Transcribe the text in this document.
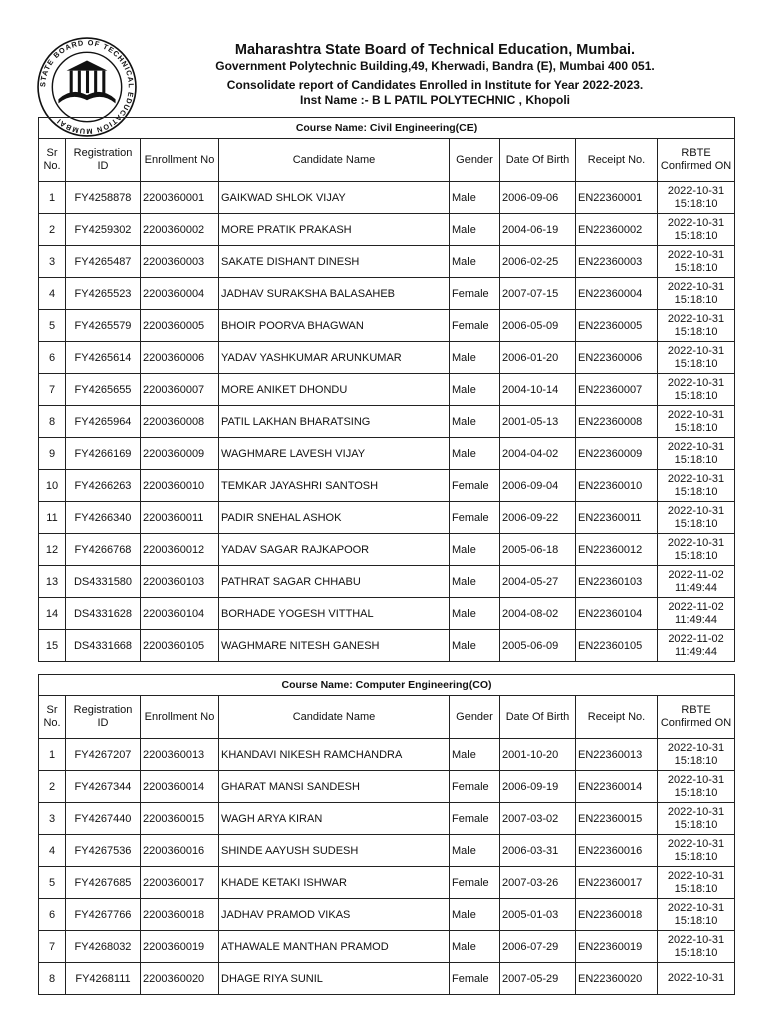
STATE BOARD OF TECHNICAL EDUCATION MUMBAI
Maharashtra State Board of Technical Education, Mumbai.
Government Polytechnic Building,49, Kherwadi, Bandra (E), Mumbai 400 051.
Consolidate report of Candidates Enrolled in Institute for Year 2022-2023.
Inst Name :- B L PATIL POLYTECHNIC , Khopoli
Course Name: Civil Engineering(CE)							
Sr No.	Registration ID	Enrollment No	Candidate Name	Gender	Date Of Birth	Receipt No.	RBTE Confirmed ON
1	FY4258878	2200360001	GAIKWAD SHLOK VIJAY	Male	2006-09-06	EN22360001	2022-10-31
15:18:10

2	FY4259302	2200360002	MORE PRATIK PRAKASH	Male	2004-06-19	EN22360002	2022-10-31
15:18:10

3	FY4265487	2200360003	SAKATE DISHANT DINESH	Male	2006-02-25	EN22360003	2022-10-31
15:18:10

4	FY4265523	2200360004	JADHAV SURAKSHA BALASAHEB	Female	2007-07-15	EN22360004	2022-10-31
15:18:10

5	FY4265579	2200360005	BHOIR POORVA BHAGWAN	Female	2006-05-09	EN22360005	2022-10-31
15:18:10

6	FY4265614	2200360006	YADAV YASHKUMAR ARUNKUMAR	Male	2006-01-20	EN22360006	2022-10-31
15:18:10

7	FY4265655	2200360007	MORE ANIKET DHONDU	Male	2004-10-14	EN22360007	2022-10-31
15:18:10

8	FY4265964	2200360008	PATIL LAKHAN BHARATSING	Male	2001-05-13	EN22360008	2022-10-31
15:18:10

9	FY4266169	2200360009	WAGHMARE LAVESH VIJAY	Male	2004-04-02	EN22360009	2022-10-31
15:18:10

10	FY4266263	2200360010	TEMKAR JAYASHRI SANTOSH	Female	2006-09-04	EN22360010	2022-10-31
15:18:10

11	FY4266340	2200360011	PADIR SNEHAL ASHOK	Female	2006-09-22	EN22360011	2022-10-31
15:18:10

12	FY4266768	2200360012	YADAV SAGAR RAJKAPOOR	Male	2005-06-18	EN22360012	2022-10-31
15:18:10

13	DS4331580	2200360103	PATHRAT SAGAR CHHABU	Male	2004-05-27	EN22360103	2022-11-02
11:49:44

14	DS4331628	2200360104	BORHADE YOGESH VITTHAL	Male	2004-08-02	EN22360104	2022-11-02
11:49:44

15	DS4331668	2200360105	WAGHMARE NITESH GANESH	Male	2005-06-09	EN22360105	2022-11-02
11:49:44
Course Name: Computer Engineering(CO)							
Sr No.	Registration ID	Enrollment No	Candidate Name	Gender	Date Of Birth	Receipt No.	RBTE Confirmed ON
1	FY4267207	2200360013	KHANDAVI NIKESH RAMCHANDRA	Male	2001-10-20	EN22360013	2022-10-31
15:18:10

2	FY4267344	2200360014	GHARAT MANSI SANDESH	Female	2006-09-19	EN22360014	2022-10-31
15:18:10

3	FY4267440	2200360015	WAGH ARYA KIRAN	Female	2007-03-02	EN22360015	2022-10-31
15:18:10

4	FY4267536	2200360016	SHINDE AAYUSH SUDESH	Male	2006-03-31	EN22360016	2022-10-31
15:18:10

5	FY4267685	2200360017	KHADE KETAKI ISHWAR	Female	2007-03-26	EN22360017	2022-10-31
15:18:10

6	FY4267766	2200360018	JADHAV PRAMOD VIKAS	Male	2005-01-03	EN22360018	2022-10-31
15:18:10

7	FY4268032	2200360019	ATHAWALE MANTHAN PRAMOD	Male	2006-07-29	EN22360019	2022-10-31
15:18:10

8	FY4268111	2200360020	DHAGE RIYA SUNIL	Female	2007-05-29	EN22360020	2022-10-31
